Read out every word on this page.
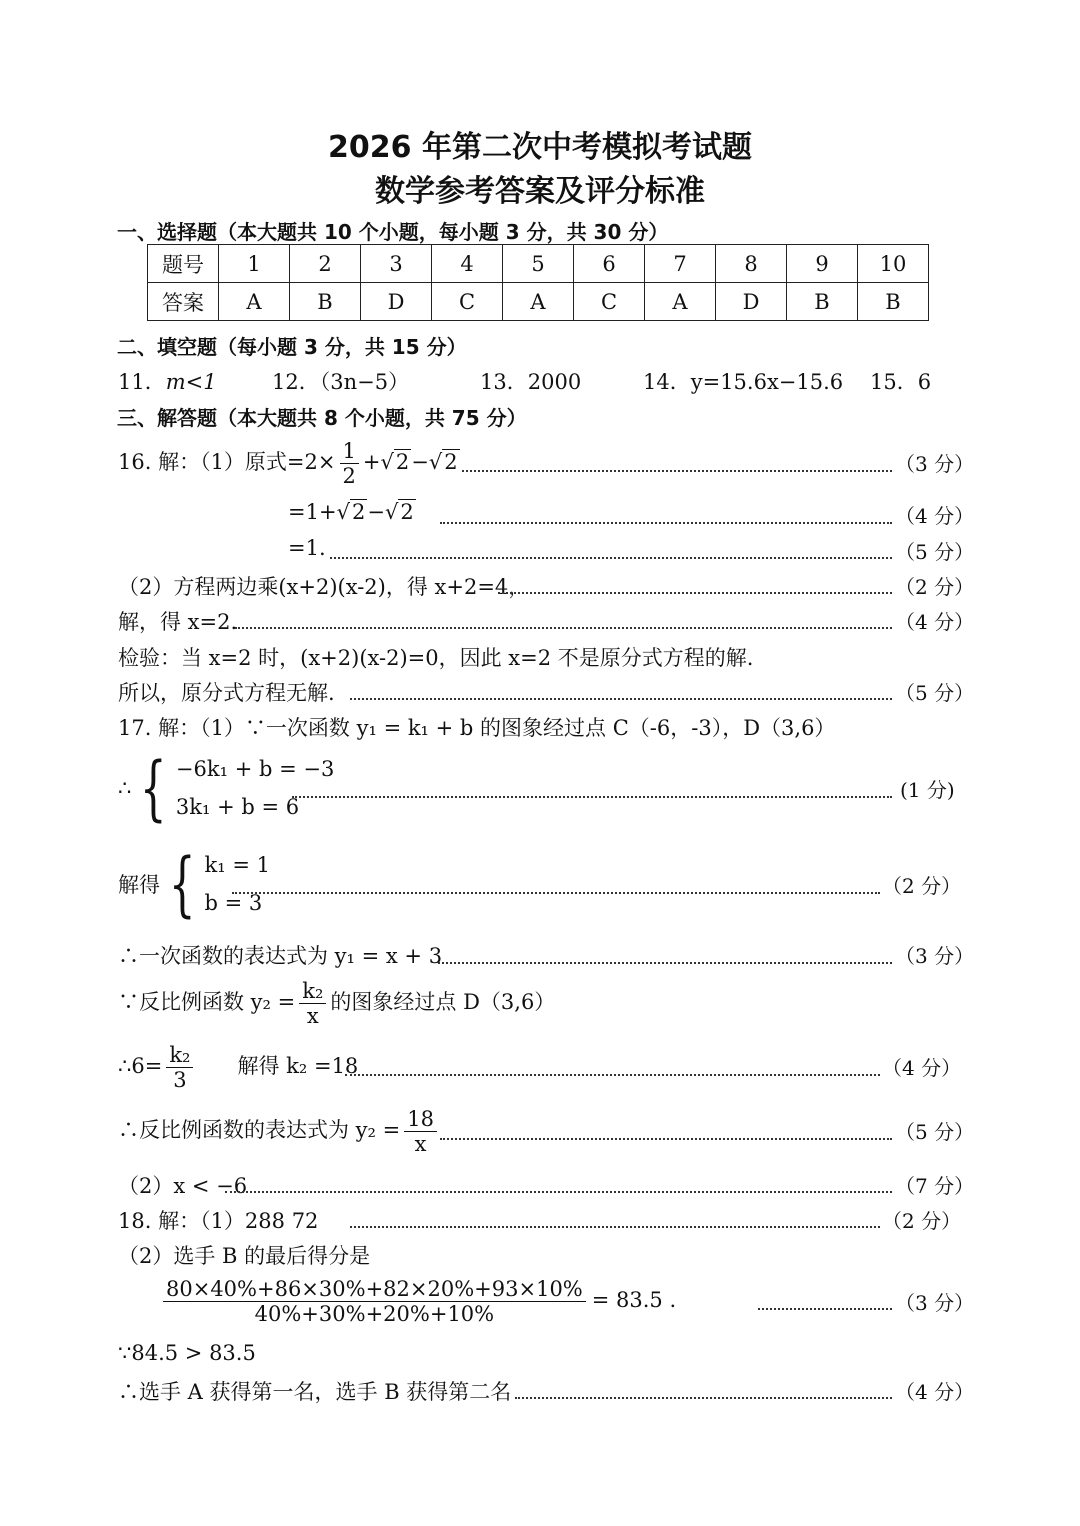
2026 年第二次中考模拟考试题
数学参考答案及评分标准
一、选择题（本大题共 10 个小题，每小题 3 分，共 30 分）
题号	1	2	3	4	5	6	7	8	9	10
答案	A	B	D	C	A	C	A	D	B	B
二、填空题（每小题 3 分，共 15 分）
11．m<1	12．（3n−5）	13．2000	14．y=15.6x−15.6 15．6
三、解答题（本大题共 8 个小题，共 75 分）
16. 解：（1）原式$=2\times \frac{1}{2} +√2-√2$	（3 分）
=1+√2−√2	（4 分）
=1.	（5 分）
（2）方程两边乘(x+2)(x-2)，得 x+2=4，	（2 分）
解，得 x=2.	（4 分）
检验：当 x=2 时，(x+2)(x-2)=0，因此 x=2 不是原分式方程的解.
所以，原分式方程无解.	（5 分）
17. 解：（1）∵一次函数 y₁ = k₁ + b 的图象经过点 C（-6，-3），D（3,6）
∴ { −6k₁ + b = −3
3k₁ + b = 6
(1 分)
解得 { k₁ = 1
b = 3
（2 分）
∴一次函数的表达式为 y₁ = x + 3	（3 分）
∵反比例函数 $y_2 = \frac{\text{k₂}}{x}$ 的图象经过点 D（3,6）
∴6= $\frac{\text{k₂}}{3}$ 解得 k₂ =18	（4 分）
∴反比例函数的表达式为 $y_2 = \frac{18}{x}$	（5 分）
（2）x < −6	（7 分）
18. 解：（1）288 72	（2 分）
（2）选手 B 的最后得分是
$\frac{80\times 40\%+86\times 30\%+82\times 20\%+93\times 10\%}{40\%+30\%+20\%+10\%} = 83.5$ .	（3 分）
∵84.5 > 83.5
∴选手 A 获得第一名，选手 B 获得第二名	（4 分）
